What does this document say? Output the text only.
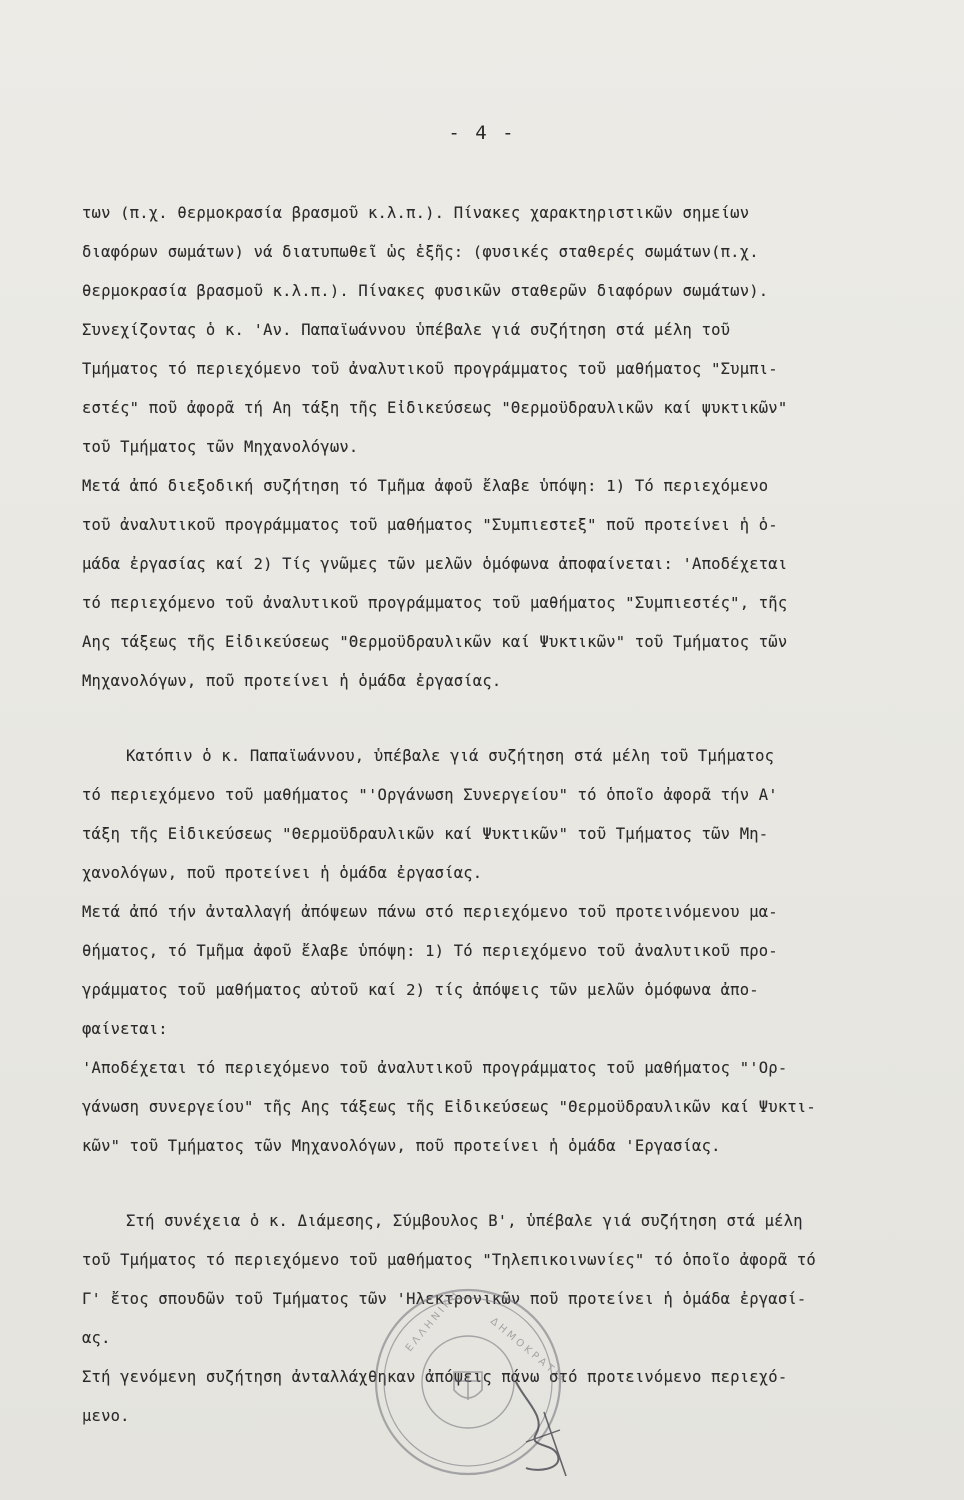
- 4 -
των (π.χ. θερμοκρασία βρασμοῦ κ.λ.π.). Πίνακες χαρακτηριστικῶν σημείων
διαφόρων σωμάτων) νά διατυπωθεῖ ὡς ἑξῆς: (φυσικές σταθερές σωμάτων(π.χ.
θερμοκρασία βρασμοῦ κ.λ.π.). Πίνακες φυσικῶν σταθερῶν διαφόρων σωμάτων).
Συνεχίζοντας ὁ κ. 'Αν. Παπαϊωάννου ὑπέβαλε γιά συζήτηση στά μέλη τοῦ
Τμήματος τό περιεχόμενο τοῦ ἀναλυτικοῦ προγράμματος τοῦ μαθήματος "Συμπι-
εστές" ποῦ ἀφορᾶ τή Αη τάξη τῆς Εἰδικεύσεως "Θερμοϋδραυλικῶν καί ψυκτικῶν"
τοῦ Τμήματος τῶν Μηχανολόγων.
Μετά ἀπό διεξοδική συζήτηση τό Τμῆμα ἀφοῦ ἔλαβε ὑπόψη: 1) Τό περιεχόμενο
τοῦ ἀναλυτικοῦ προγράμματος τοῦ μαθήματος "Συμπιεστεξ" ποῦ προτείνει ἡ ὁ-
μάδα ἐργασίας καί 2) Τίς γνῶμες τῶν μελῶν ὁμόφωνα ἀποφαίνεται: 'Αποδέχεται
τό περιεχόμενο τοῦ ἀναλυτικοῦ προγράμματος τοῦ μαθήματος "Συμπιεστές", τῆς
Αης τάξεως τῆς Εἰδικεύσεως "Θερμοϋδραυλικῶν καί Ψυκτικῶν" τοῦ Τμήματος τῶν
Μηχανολόγων, ποῦ προτείνει ἡ ὁμάδα ἐργασίας.
Κατόπιν ὁ κ. Παπαϊωάννου, ὑπέβαλε γιά συζήτηση στά μέλη τοῦ Τμήματος
τό περιεχόμενο τοῦ μαθήματος "'Οργάνωση Συνεργείου" τό ὁποῖο ἀφορᾶ τήν Α'
τάξη τῆς Εἰδικεύσεως "Θερμοϋδραυλικῶν καί Ψυκτικῶν" τοῦ Τμήματος τῶν Μη-
χανολόγων, ποῦ προτείνει ἡ ὁμάδα ἐργασίας.
Μετά ἀπό τήν ἀνταλλαγή ἀπόψεων πάνω στό περιεχόμενο τοῦ προτεινόμενου μα-
θήματος, τό Τμῆμα ἀφοῦ ἔλαβε ὑπόψη: 1) Τό περιεχόμενο τοῦ ἀναλυτικοῦ προ-
γράμματος τοῦ μαθήματος αὐτοῦ καί 2) τίς ἀπόψεις τῶν μελῶν ὁμόφωνα ἀπο-
φαίνεται:
'Αποδέχεται τό περιεχόμενο τοῦ ἀναλυτικοῦ προγράμματος τοῦ μαθήματος "'Ορ-
γάνωση συνεργείου" τῆς Αης τάξεως τῆς Εἰδικεύσεως "Θερμοϋδραυλικῶν καί Ψυκτι-
κῶν" τοῦ Τμήματος τῶν Μηχανολόγων, ποῦ προτείνει ἡ ὁμάδα 'Εργασίας.
Στή συνέχεια ὁ κ. Διάμεσης, Σύμβουλος Β', ὑπέβαλε γιά συζήτηση στά μέλη
τοῦ Τμήματος τό περιεχόμενο τοῦ μαθήματος "Τηλεπικοινωνίες" τό ὁποῖο ἀφορᾶ τό
Γ' ἔτος σπουδῶν τοῦ Τμήματος τῶν 'Ηλεκτρονικῶν ποῦ προτείνει ἡ ὁμάδα ἐργασί-
ας.
Στή γενόμενη συζήτηση ἀνταλλάχθηκαν ἀπόψεις πάνω στό προτεινόμενο περιεχό-
μενο.
Ε Λ Λ Η Ν Ι Κ Η	Δ Η Μ Ο Κ Ρ Α Τ Ι Α
